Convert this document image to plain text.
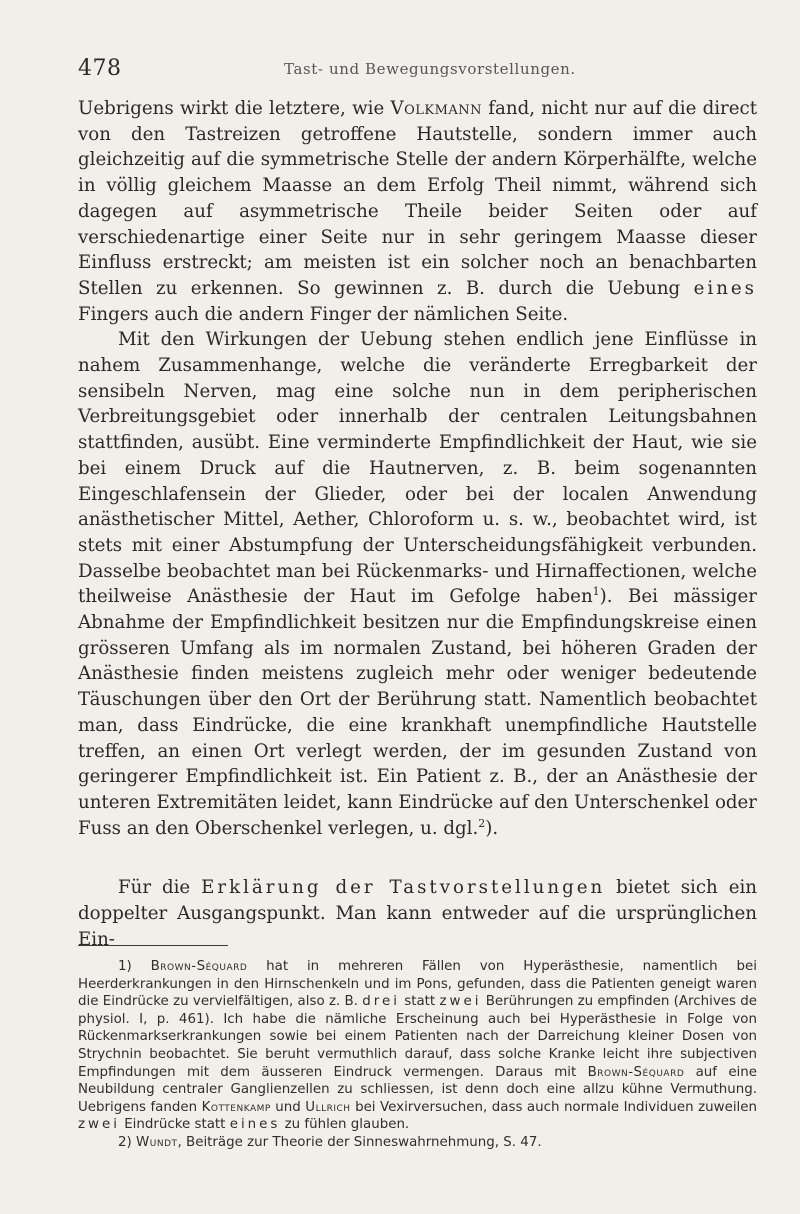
478	Tast- und Bewegungsvorstellungen.

Uebrigens wirkt die letztere, wie Volkmann fand, nicht nur auf die direct von den Tastreizen getroffene Hautstelle, sondern immer auch gleichzeitig auf die symmetrische Stelle der andern Körperhälfte, welche in völlig gleichem Maasse an dem Erfolg Theil nimmt, während sich dagegen auf asymmetrische Theile beider Seiten oder auf verschiedenartige einer Seite nur in sehr geringem Maasse dieser Einfluss erstreckt; am meisten ist ein solcher noch an benachbarten Stellen zu erkennen. So gewinnen z. B. durch die Uebung eines Fingers auch die andern Finger der nämlichen Seite.

Mit den Wirkungen der Uebung stehen endlich jene Einflüsse in nahem Zusammenhange, welche die veränderte Erregbarkeit der sensibeln Nerven, mag eine solche nun in dem peripherischen Verbreitungsgebiet oder innerhalb der centralen Leitungsbahnen stattfinden, ausübt. Eine verminderte Empfindlichkeit der Haut, wie sie bei einem Druck auf die Hautnerven, z. B. beim sogenannten Eingeschlafensein der Glieder, oder bei der localen Anwendung anästhetischer Mittel, Aether, Chloroform u. s. w., beobachtet wird, ist stets mit einer Abstumpfung der Unterscheidungsfähigkeit verbunden. Dasselbe beobachtet man bei Rückenmarks- und Hirnaffectionen, welche theilweise Anästhesie der Haut im Gefolge haben$^1$). Bei mässiger Abnahme der Empfindlichkeit besitzen nur die Empfindungskreise einen grösseren Umfang als im normalen Zustand, bei höheren Graden der Anästhesie finden meistens zugleich mehr oder weniger bedeutende Täuschungen über den Ort der Berührung statt. Namentlich beobachtet man, dass Eindrücke, die eine krankhaft unempfindliche Hautstelle treffen, an einen Ort verlegt werden, der im gesunden Zustand von geringerer Empfindlichkeit ist. Ein Patient z. B., der an Anästhesie der unteren Extremitäten leidet, kann Eindrücke auf den Unterschenkel oder Fuss an den Oberschenkel verlegen, u. dgl.$^2$).

Für die Erklärung der Tastvorstellungen bietet sich ein doppelter Ausgangspunkt. Man kann entweder auf die ursprünglichen Ein-

1) Brown-Séquard hat in mehreren Fällen von Hyperästhesie, namentlich bei Heerderkrankungen in den Hirnschenkeln und im Pons, gefunden, dass die Patienten geneigt waren die Eindrücke zu vervielfältigen, also z. B. drei statt zwei Berührungen zu empfinden (Archives de physiol. I, p. 461). Ich habe die nämliche Erscheinung auch bei Hyperästhesie in Folge von Rückenmarkserkrankungen sowie bei einem Patienten nach der Darreichung kleiner Dosen von Strychnin beobachtet. Sie beruht vermuthlich darauf, dass solche Kranke leicht ihre subjectiven Empfindungen mit dem äusseren Eindruck vermengen. Daraus mit Brown-Séquard auf eine Neubildung centraler Ganglienzellen zu schliessen, ist denn doch eine allzu kühne Vermuthung. Uebrigens fanden Kottenkamp und Ullrich bei Vexirversuchen, dass auch normale Individuen zuweilen zwei Eindrücke statt eines zu fühlen glauben.

2) Wundt, Beiträge zur Theorie der Sinneswahrnehmung, S. 47.
